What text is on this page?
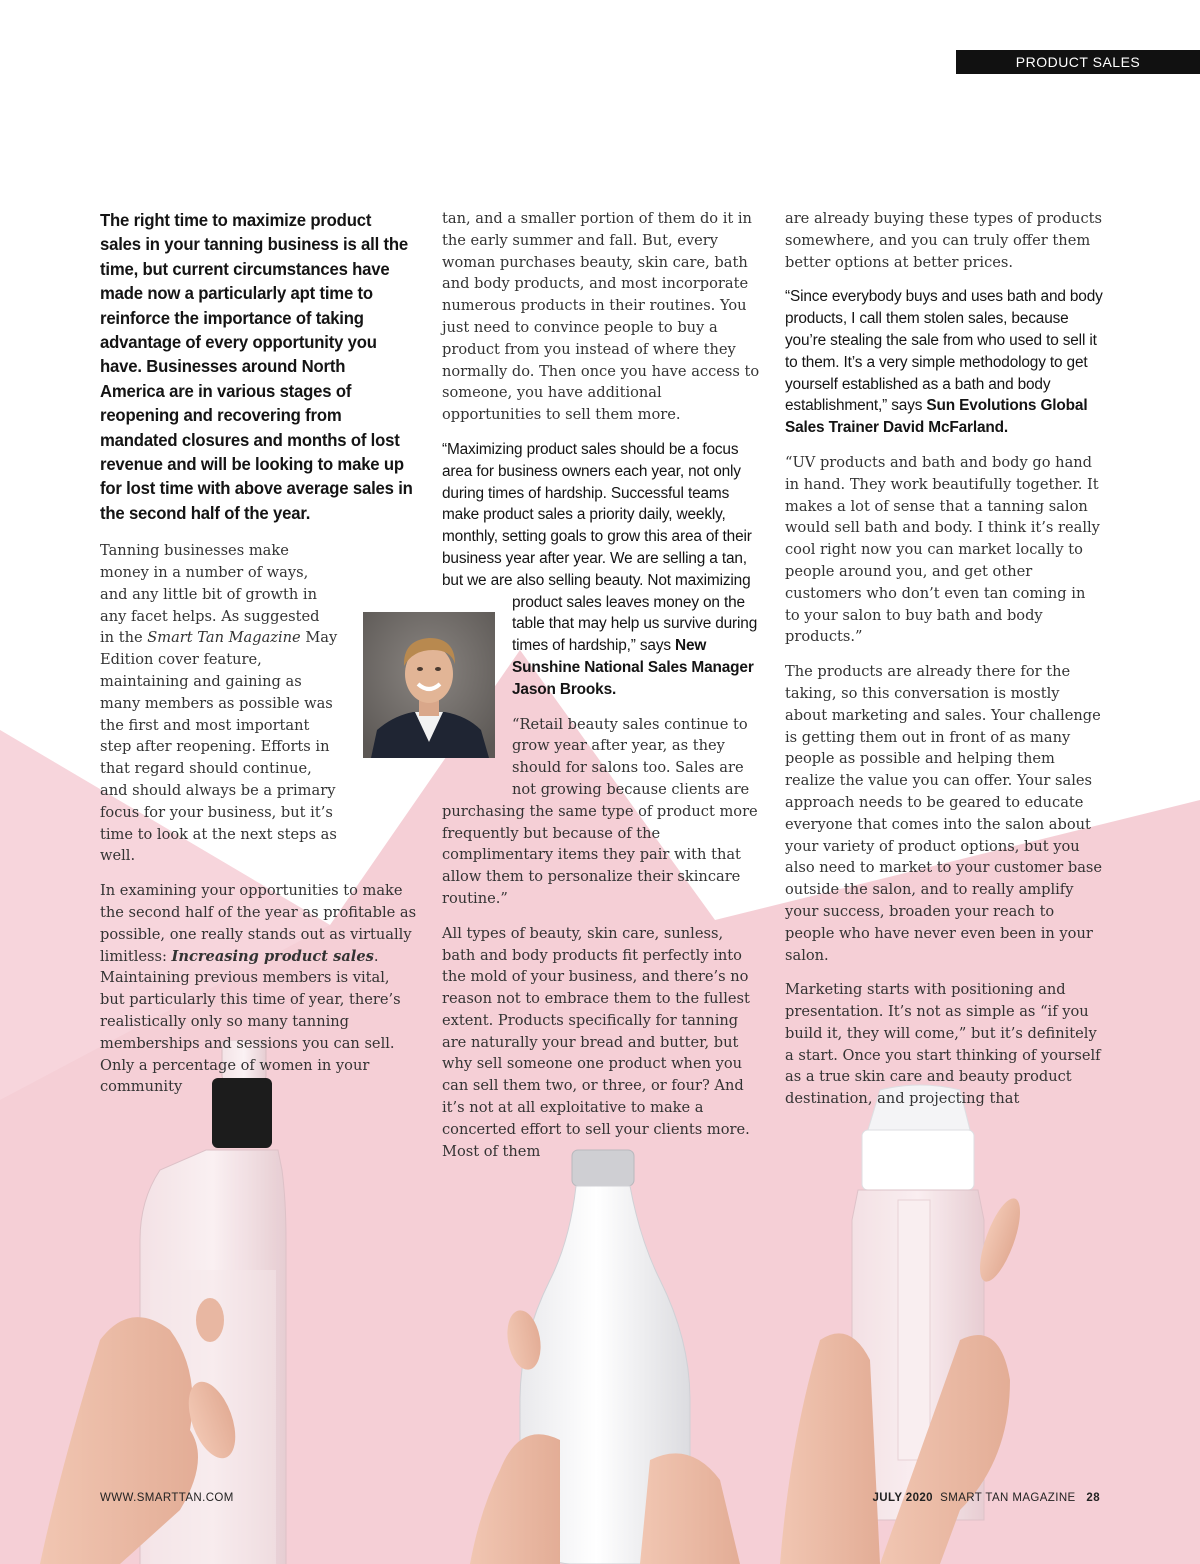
PRODUCT SALES

The right time to maximize product sales in your tanning business is all the time, but current circumstances have made now a particularly apt time to reinforce the importance of taking advantage of every opportunity you have. Businesses around North America are in various stages of reopening and recovering from mandated closures and months of lost revenue and will be looking to make up for lost time with above average sales in the second half of the year.

Tanning businesses make money in a number of ways, and any little bit of growth in any facet helps. As suggested in the Smart Tan Magazine May Edition cover feature, maintaining and gaining as many members as possible was the first and most important step after reopening. Efforts in that regard should continue, and should always be a primary focus for your business, but it’s time to look at the next steps as well.

In examining your opportunities to make the second half of the year as profitable as possible, one really stands out as virtually limitless: Increasing product sales. Maintaining previous members is vital, but particularly this time of year, there’s realistically only so many tanning memberships and sessions you can sell. Only a percentage of women in your community

tan, and a smaller portion of them do it in the early summer and fall. But, every woman purchases beauty, skin care, bath and body products, and most incorporate numerous products in their routines. You just need to convince people to buy a product from you instead of where they normally do. Then once you have access to someone, you have additional opportunities to sell them more.

“Maximizing product sales should be a focus area for business owners each year, not only during times of hardship. Successful teams make product sales a priority daily, weekly, monthly, setting goals to grow this area of their business year after year. We are selling a tan, but we are also selling beauty. Not maximizing product sales leaves money on the table that may help us survive during times of hardship,” says New Sunshine National Sales Manager Jason Brooks.

“Retail beauty sales continue to grow year after year, as they should for salons too. Sales are not growing because clients are purchasing the same type of product more frequently but because of the complimentary items they pair with that allow them to personalize their skincare routine.”

All types of beauty, skin care, sunless, bath and body products fit perfectly into the mold of your business, and there’s no reason not to embrace them to the fullest extent. Products specifically for tanning are naturally your bread and butter, but why sell someone one product when you can sell them two, or three, or four? And it’s not at all exploitative to make a concerted effort to sell your clients more. Most of them

are already buying these types of products somewhere, and you can truly offer them better options at better prices.

“Since everybody buys and uses bath and body products, I call them stolen sales, because you’re stealing the sale from who used to sell it to them. It’s a very simple methodology to get yourself established as a bath and body establishment,” says Sun Evolutions Global Sales Trainer David McFarland.

“UV products and bath and body go hand in hand. They work beautifully together. It makes a lot of sense that a tanning salon would sell bath and body. I think it’s really cool right now you can market locally to people around you, and get other customers who don’t even tan coming in to your salon to buy bath and body products.”

The products are already there for the taking, so this conversation is mostly about marketing and sales. Your challenge is getting them out in front of as many people as possible and helping them realize the value you can offer. Your sales approach needs to be geared to educate everyone that comes into the salon about your variety of product options, but you also need to market to your customer base outside the salon, and to really amplify your success, broaden your reach to people who have never even been in your salon.

Marketing starts with positioning and presentation. It’s not as simple as “if you build it, they will come,” but it’s definitely a start. Once you start thinking of yourself as a true skin care and beauty product destination, and projecting that

WWW.SMARTTAN.COM	JULY 2020 SMART TAN MAGAZINE 28
